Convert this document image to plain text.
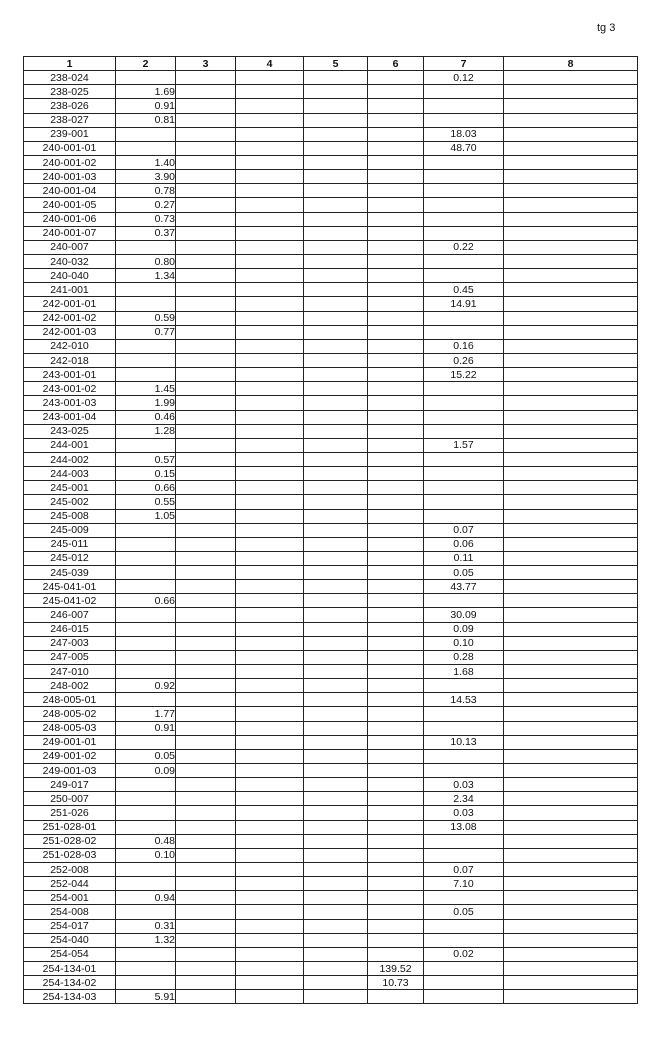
tg 3
1	2	3	4	5	6	7	8
238-024						0.12	
238-025	1.69						
238-026	0.91						
238-027	0.81						
239-001						18.03	
240-001-01						48.70	
240-001-02	1.40						
240-001-03	3.90						
240-001-04	0.78						
240-001-05	0.27						
240-001-06	0.73						
240-001-07	0.37						
240-007						0.22	
240-032	0.80						
240-040	1.34						
241-001						0.45	
242-001-01						14.91	
242-001-02	0.59						
242-001-03	0.77						
242-010						0.16	
242-018						0.26	
243-001-01						15.22	
243-001-02	1.45						
243-001-03	1.99						
243-001-04	0.46						
243-025	1.28						
244-001						1.57	
244-002	0.57						
244-003	0.15						
245-001	0.66						
245-002	0.55						
245-008	1.05						
245-009						0.07	
245-011						0.06	
245-012						0.11	
245-039						0.05	
245-041-01						43.77	
245-041-02	0.66						
246-007						30.09	
246-015						0.09	
247-003						0.10	
247-005						0.28	
247-010						1.68	
248-002	0.92						
248-005-01						14.53	
248-005-02	1.77						
248-005-03	0.91						
249-001-01						10.13	
249-001-02	0.05						
249-001-03	0.09						
249-017						0.03	
250-007						2.34	
251-026						0.03	
251-028-01						13.08	
251-028-02	0.48						
251-028-03	0.10						
252-008						0.07	
252-044						7.10	
254-001	0.94						
254-008						0.05	
254-017	0.31						
254-040	1.32						
254-054						0.02	
254-134-01					139.52		
254-134-02					10.73		
254-134-03	5.91						
